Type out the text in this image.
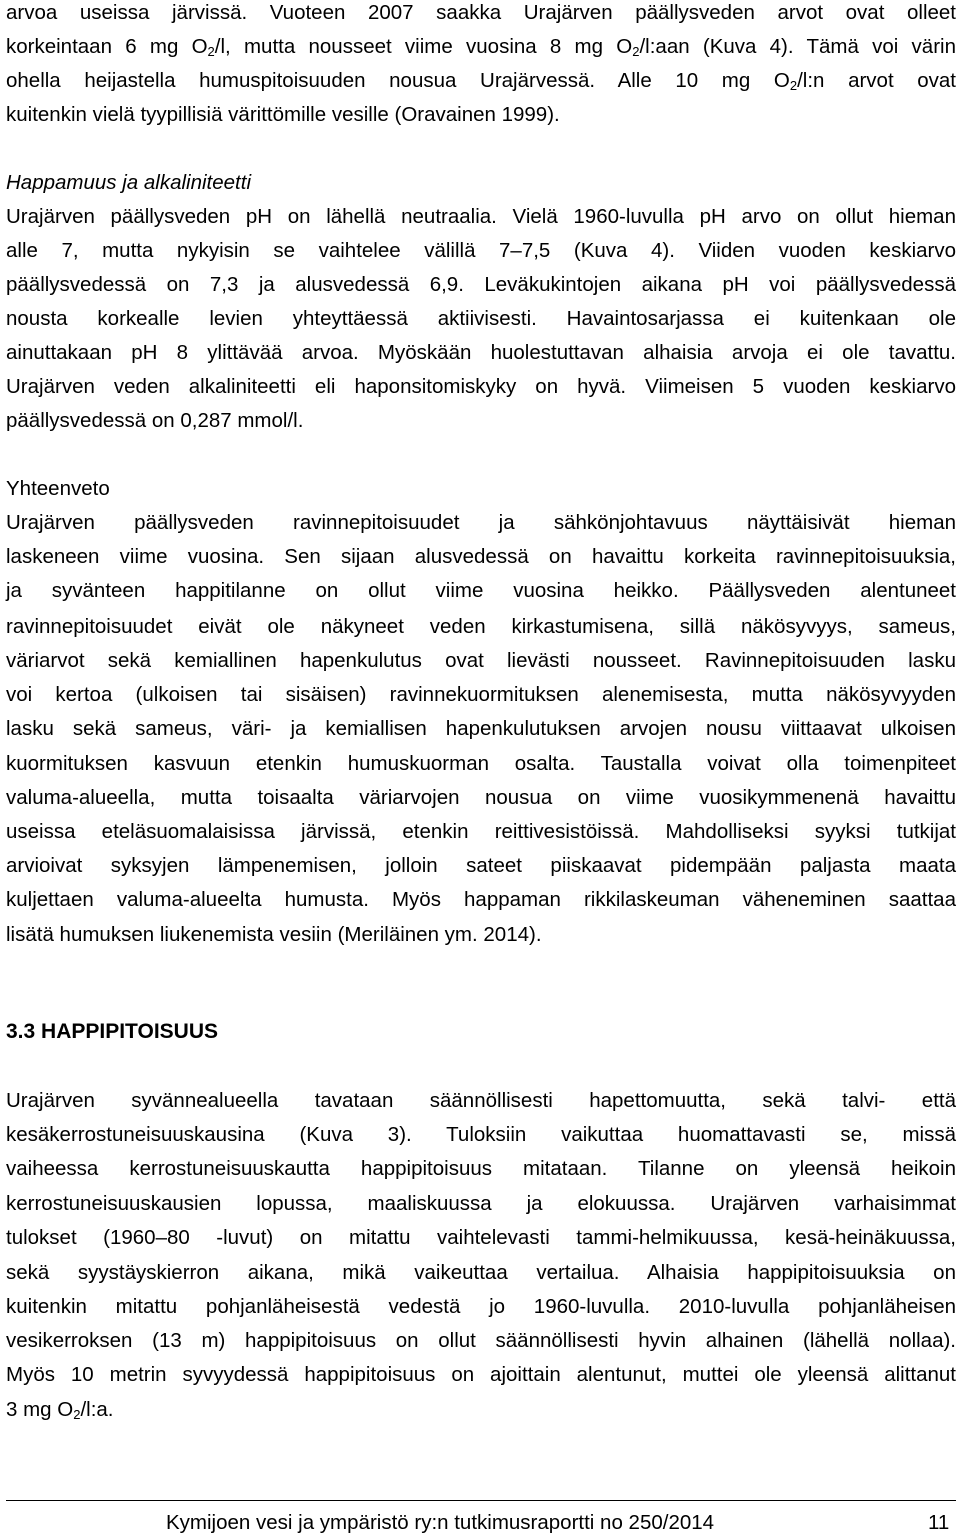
arvoa useissa järvissä. Vuoteen 2007 saakka Urajärven päällysveden arvot ovat olleet
korkeintaan 6 mg $O_2/l$, mutta nousseet viime vuosina 8 mg $O_2/l:aan$ (Kuva 4). Tämä voi värin
ohella heijastella humuspitoisuuden nousua Urajärvessä. Alle 10 mg $O_2/l:n$ arvot ovat
kuitenkin vielä tyypillisiä värittömille vesille (Oravainen 1999).
Happamuus ja alkaliniteetti
Urajärven päällysveden pH on lähellä neutraalia. Vielä 1960-luvulla pH arvo on ollut hieman
alle 7, mutta nykyisin se vaihtelee välillä 7–7,5 (Kuva 4). Viiden vuoden keskiarvo
päällysvedessä on 7,3 ja alusvedessä 6,9. Leväkukintojen aikana pH voi päällysvedessä
nousta korkealle levien yhteyttäessä aktiivisesti. Havaintosarjassa ei kuitenkaan ole
ainuttakaan pH 8 ylittävää arvoa. Myöskään huolestuttavan alhaisia arvoja ei ole tavattu.
Urajärven veden alkaliniteetti eli haponsitomiskyky on hyvä. Viimeisen 5 vuoden keskiarvo
päällysvedessä on 0,287 mmol/l.
Yhteenveto
Urajärven päällysveden ravinnepitoisuudet ja sähkönjohtavuus näyttäisivät hieman
laskeneen viime vuosina. Sen sijaan alusvedessä on havaittu korkeita ravinnepitoisuuksia,
ja syvänteen happitilanne on ollut viime vuosina heikko. Päällysveden alentuneet
ravinnepitoisuudet eivät ole näkyneet veden kirkastumisena, sillä näkösyvyys, sameus,
väriarvot sekä kemiallinen hapenkulutus ovat lievästi nousseet. Ravinnepitoisuuden lasku
voi kertoa (ulkoisen tai sisäisen) ravinnekuormituksen alenemisesta, mutta näkösyvyyden
lasku sekä sameus, väri- ja kemiallisen hapenkulutuksen arvojen nousu viittaavat ulkoisen
kuormituksen kasvuun etenkin humuskuorman osalta. Taustalla voivat olla toimenpiteet
valuma-alueella, mutta toisaalta väriarvojen nousua on viime vuosikymmenenä havaittu
useissa eteläsuomalaisissa järvissä, etenkin reittivesistöissä. Mahdolliseksi syyksi tutkijat
arvioivat syksyjen lämpenemisen, jolloin sateet piiskaavat pidempään paljasta maata
kuljettaen valuma-alueelta humusta. Myös happaman rikkilaskeuman väheneminen saattaa
lisätä humuksen liukenemista vesiin (Meriläinen ym. 2014).
3.3 HAPPIPITOISUUS
Urajärven syvännealueella tavataan säännöllisesti hapettomuutta, sekä talvi- että
kesäkerrostuneisuuskausina (Kuva 3). Tuloksiin vaikuttaa huomattavasti se, missä
vaiheessa kerrostuneisuuskautta happipitoisuus mitataan. Tilanne on yleensä heikoin
kerrostuneisuuskausien lopussa, maaliskuussa ja elokuussa. Urajärven varhaisimmat
tulokset (1960–80 -luvut) on mitattu vaihtelevasti tammi-helmikuussa, kesä-heinäkuussa,
sekä syystäyskierron aikana, mikä vaikeuttaa vertailua. Alhaisia happipitoisuuksia on
kuitenkin mitattu pohjanläheisestä vedestä jo 1960-luvulla. 2010-luvulla pohjanläheisen
vesikerroksen (13 m) happipitoisuus on ollut säännöllisesti hyvin alhainen (lähellä nollaa).
Myös 10 metrin syvyydessä happipitoisuus on ajoittain alentunut, muttei ole yleensä alittanut
3 mg $O_2/l:a$.
Kymijoen vesi ja ympäristö ry:n tutkimusraportti no 250/2014	11
